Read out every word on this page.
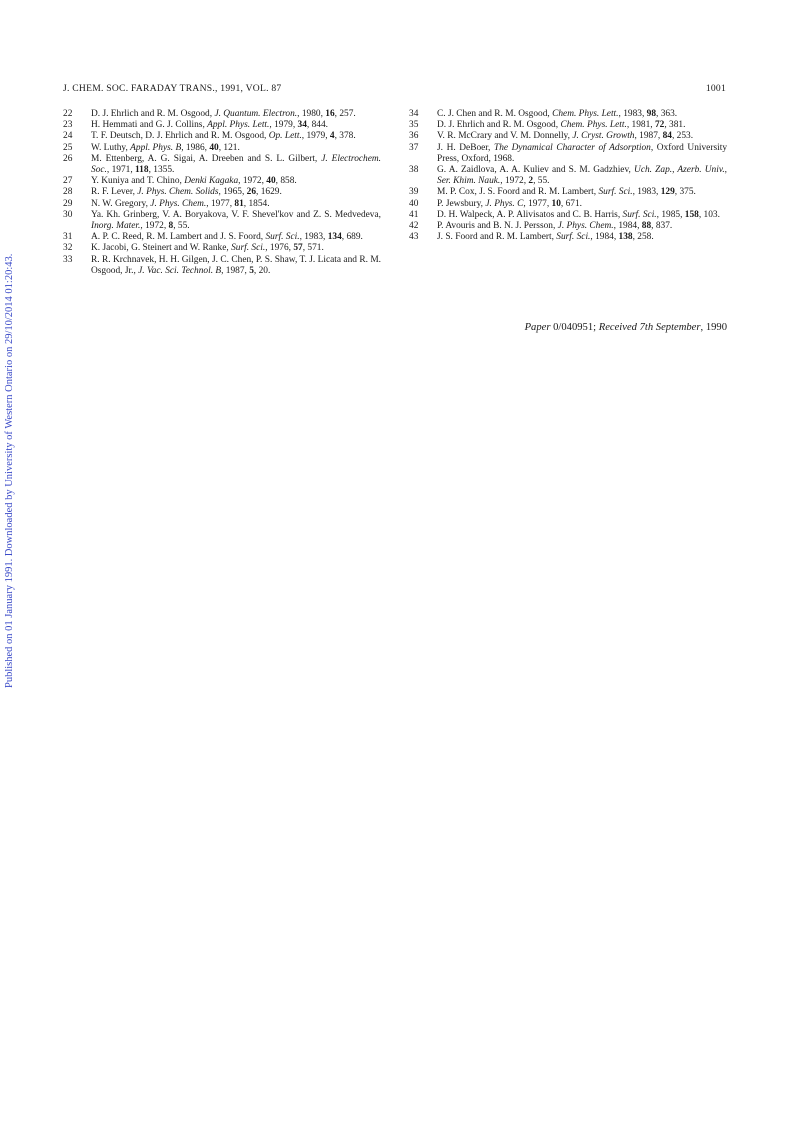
Published on 01 January 1991. Downloaded by University of Western Ontario on 29/10/2014 01:20:43.
J. CHEM. SOC. FARADAY TRANS., 1991, VOL. 87	1001
22 D. J. Ehrlich and R. M. Osgood, J. Quantum. Electron., 1980, 16, 257.
23 H. Hemmati and G. J. Collins, Appl. Phys. Lett., 1979, 34, 844.
24 T. F. Deutsch, D. J. Ehrlich and R. M. Osgood, Op. Lett., 1979, 4, 378.
25 W. Luthy, Appl. Phys. B, 1986, 40, 121.
26 M. Ettenberg, A. G. Sigai, A. Dreeben and S. L. Gilbert, J. Electrochem. Soc., 1971, 118, 1355.
27 Y. Kuniya and T. Chino, Denki Kagaka, 1972, 40, 858.
28 R. F. Lever, J. Phys. Chem. Solids, 1965, 26, 1629.
29 N. W. Gregory, J. Phys. Chem., 1977, 81, 1854.
30 Ya. Kh. Grinberg, V. A. Boryakova, V. F. Shevel'kov and Z. S. Medvedeva, Inorg. Mater., 1972, 8, 55.
31 A. P. C. Reed, R. M. Lambert and J. S. Foord, Surf. Sci., 1983, 134, 689.
32 K. Jacobi, G. Steinert and W. Ranke, Surf. Sci., 1976, 57, 571.
33 R. R. Krchnavek, H. H. Gilgen, J. C. Chen, P. S. Shaw, T. J. Licata and R. M. Osgood, Jr., J. Vac. Sci. Technol. B, 1987, 5, 20.
34 C. J. Chen and R. M. Osgood, Chem. Phys. Lett., 1983, 98, 363.
35 D. J. Ehrlich and R. M. Osgood, Chem. Phys. Lett., 1981, 72, 381.
36 V. R. McCrary and V. M. Donnelly, J. Cryst. Growth, 1987, 84, 253.
37 J. H. DeBoer, The Dynamical Character of Adsorption, Oxford University Press, Oxford, 1968.
38 G. A. Zaidlova, A. A. Kuliev and S. M. Gadzhiev, Uch. Zap., Azerb. Univ., Ser. Khim. Nauk., 1972, 2, 55.
39 M. P. Cox, J. S. Foord and R. M. Lambert, Surf. Sci., 1983, 129, 375.
40 P. Jewsbury, J. Phys. C, 1977, 10, 671.
41 D. H. Walpeck, A. P. Alivisatos and C. B. Harris, Surf. Sci., 1985, 158, 103.
42 P. Avouris and B. N. J. Persson, J. Phys. Chem., 1984, 88, 837.
43 J. S. Foord and R. M. Lambert, Surf. Sci., 1984, 138, 258.
Paper 0/040951; Received 7th September, 1990
